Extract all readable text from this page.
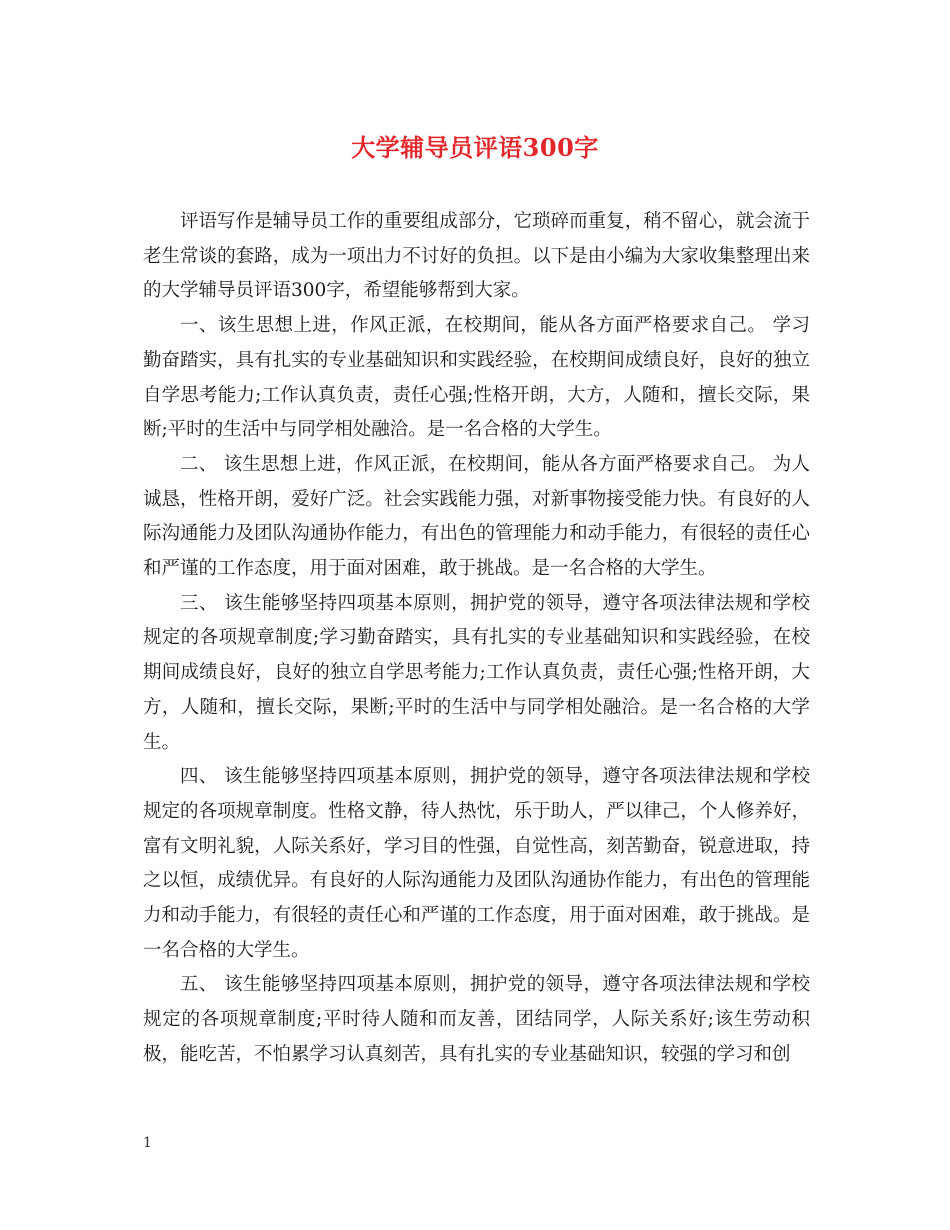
大学辅导员评语300字

评语写作是辅导员工作的重要组成部分，它琐碎而重复，稍不留心，就会流于老生常谈的套路，成为一项出力不讨好的负担。以下是由小编为大家收集整理出来的大学辅导员评语300字，希望能够帮到大家。

一、该生思想上进，作风正派，在校期间，能从各方面严格要求自己。 学习勤奋踏实，具有扎实的专业基础知识和实践经验，在校期间成绩良好，良好的独立自学思考能力;工作认真负责，责任心强;性格开朗，大方，人随和，擅长交际，果断;平时的生活中与同学相处融洽。是一名合格的大学生。

二、 该生思想上进，作风正派，在校期间，能从各方面严格要求自己。 为人诚恳，性格开朗，爱好广泛。社会实践能力强，对新事物接受能力快。有良好的人际沟通能力及团队沟通协作能力，有出色的管理能力和动手能力，有很轻的责任心和严谨的工作态度，用于面对困难，敢于挑战。是一名合格的大学生。

三、 该生能够坚持四项基本原则，拥护党的领导，遵守各项法律法规和学校规定的各项规章制度;学习勤奋踏实，具有扎实的专业基础知识和实践经验，在校期间成绩良好，良好的独立自学思考能力;工作认真负责，责任心强;性格开朗，大方，人随和，擅长交际，果断;平时的生活中与同学相处融洽。是一名合格的大学生。

四、 该生能够坚持四项基本原则，拥护党的领导，遵守各项法律法规和学校规定的各项规章制度。性格文静，待人热忱，乐于助人，严以律己，个人修养好，富有文明礼貌，人际关系好，学习目的性强，自觉性高，刻苦勤奋，锐意进取，持之以恒，成绩优异。有良好的人际沟通能力及团队沟通协作能力，有出色的管理能力和动手能力，有很轻的责任心和严谨的工作态度，用于面对困难，敢于挑战。是一名合格的大学生。

五、 该生能够坚持四项基本原则，拥护党的领导，遵守各项法律法规和学校规定的各项规章制度;平时待人随和而友善，团结同学，人际关系好;该生劳动积极，能吃苦，不怕累学习认真刻苦，具有扎实的专业基础知识，较强的学习和创

1
